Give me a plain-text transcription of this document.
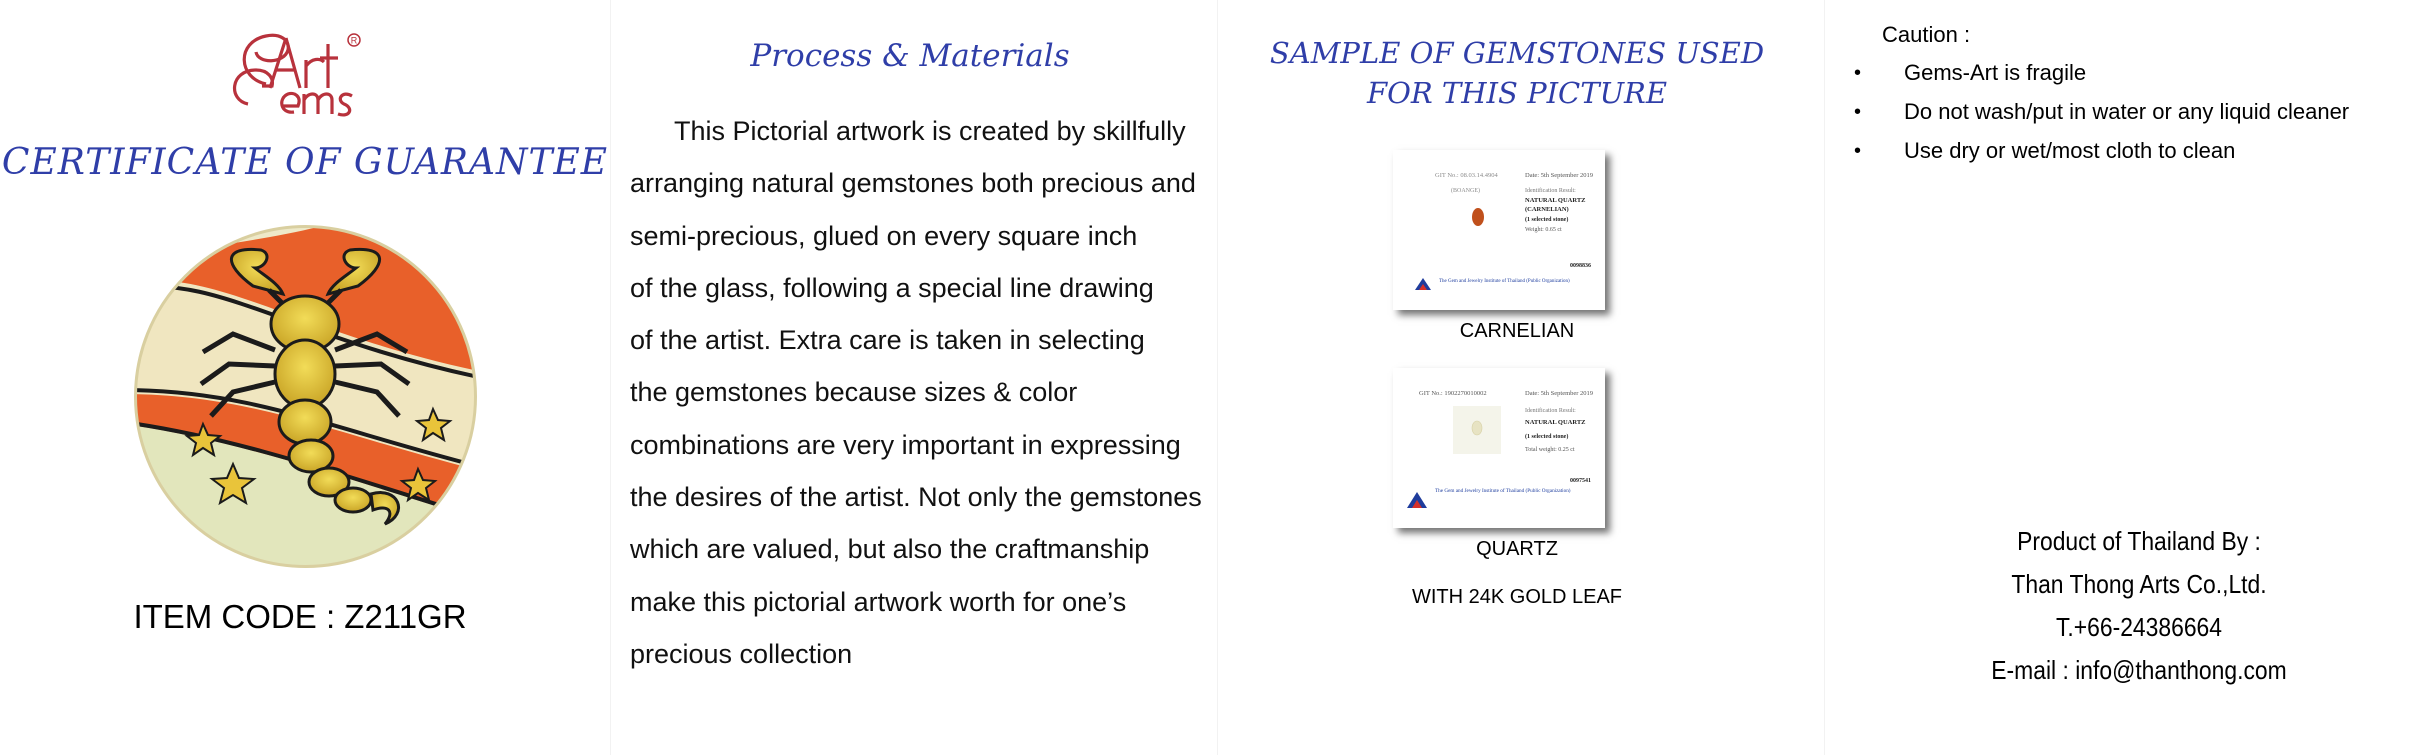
R
CERTIFICATE OF GUARANTEE
ITEM CODE : Z211GR
Process & Materials
This Pictorial artwork is created by skillfully
arranging natural gemstones both precious and
semi-precious, glued on every square inch
of the glass, following a special line drawing
of the artist. Extra care is taken in selecting
the gemstones because sizes & color
combinations are very important in expressing
the desires of the artist. Not only the gemstones
which are valued, but also the craftmanship
make this pictorial artwork worth for one’s
precious collection
SAMPLE OF GEMSTONES USED
FOR THIS PICTURE
GIT No.: 08.03.14.4904	Date: 5th September 2019
(BOANGE)	Identification Result:
NATURAL QUARTZ
(CARNELIAN)
(1 selected stone)
Weight: 0.65 ct
0098836
The Gem and Jewelry Institute of Thailand (Public Organization)
CARNELIAN
GIT No.: 1902270010002	Date: 5th September 2019
Identification Result:
NATURAL QUARTZ
(1 selected stone)
Total weight: 0.25 ct
0097541
The Gem and Jewelry Institute of Thailand (Public Organization)
QUARTZ
WITH 24K GOLD LEAF
Caution :
• Gems-Art is fragile
• Do not wash/put in water or any liquid cleaner
• Use dry or wet/most cloth to clean
Product of Thailand By :
Than Thong Arts Co.,Ltd.
T.+66-24386664
E-mail : info@thanthong.com
